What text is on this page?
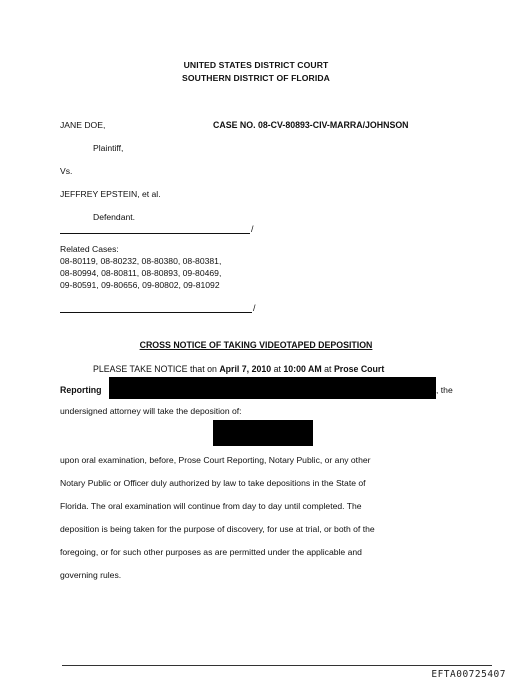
UNITED STATES DISTRICT COURT
SOUTHERN DISTRICT OF FLORIDA
JANE DOE,	CASE NO. 08-CV-80893-CIV-MARRA/JOHNSON
Plaintiff,
Vs.
JEFFREY EPSTEIN, et al.
Defendant.
/
Related Cases:
08-80119, 08-80232, 08-80380, 08-80381,
08-80994, 08-80811, 08-80893, 09-80469,
09-80591, 09-80656, 09-80802, 09-81092
/
CROSS NOTICE OF TAKING VIDEOTAPED DEPOSITION
PLEASE TAKE NOTICE that on April 7, 2010 at 10:00 AM at Prose Court
Reporting	, the
undersigned attorney will take the deposition of:
upon oral examination, before, Prose Court Reporting, Notary Public, or any other
Notary Public or Officer duly authorized by law to take depositions in the State of
Florida. The oral examination will continue from day to day until completed. The
deposition is being taken for the purpose of discovery, for use at trial, or both of the
foregoing, or for such other purposes as are permitted under the applicable and
governing rules.
EFTA00725407
